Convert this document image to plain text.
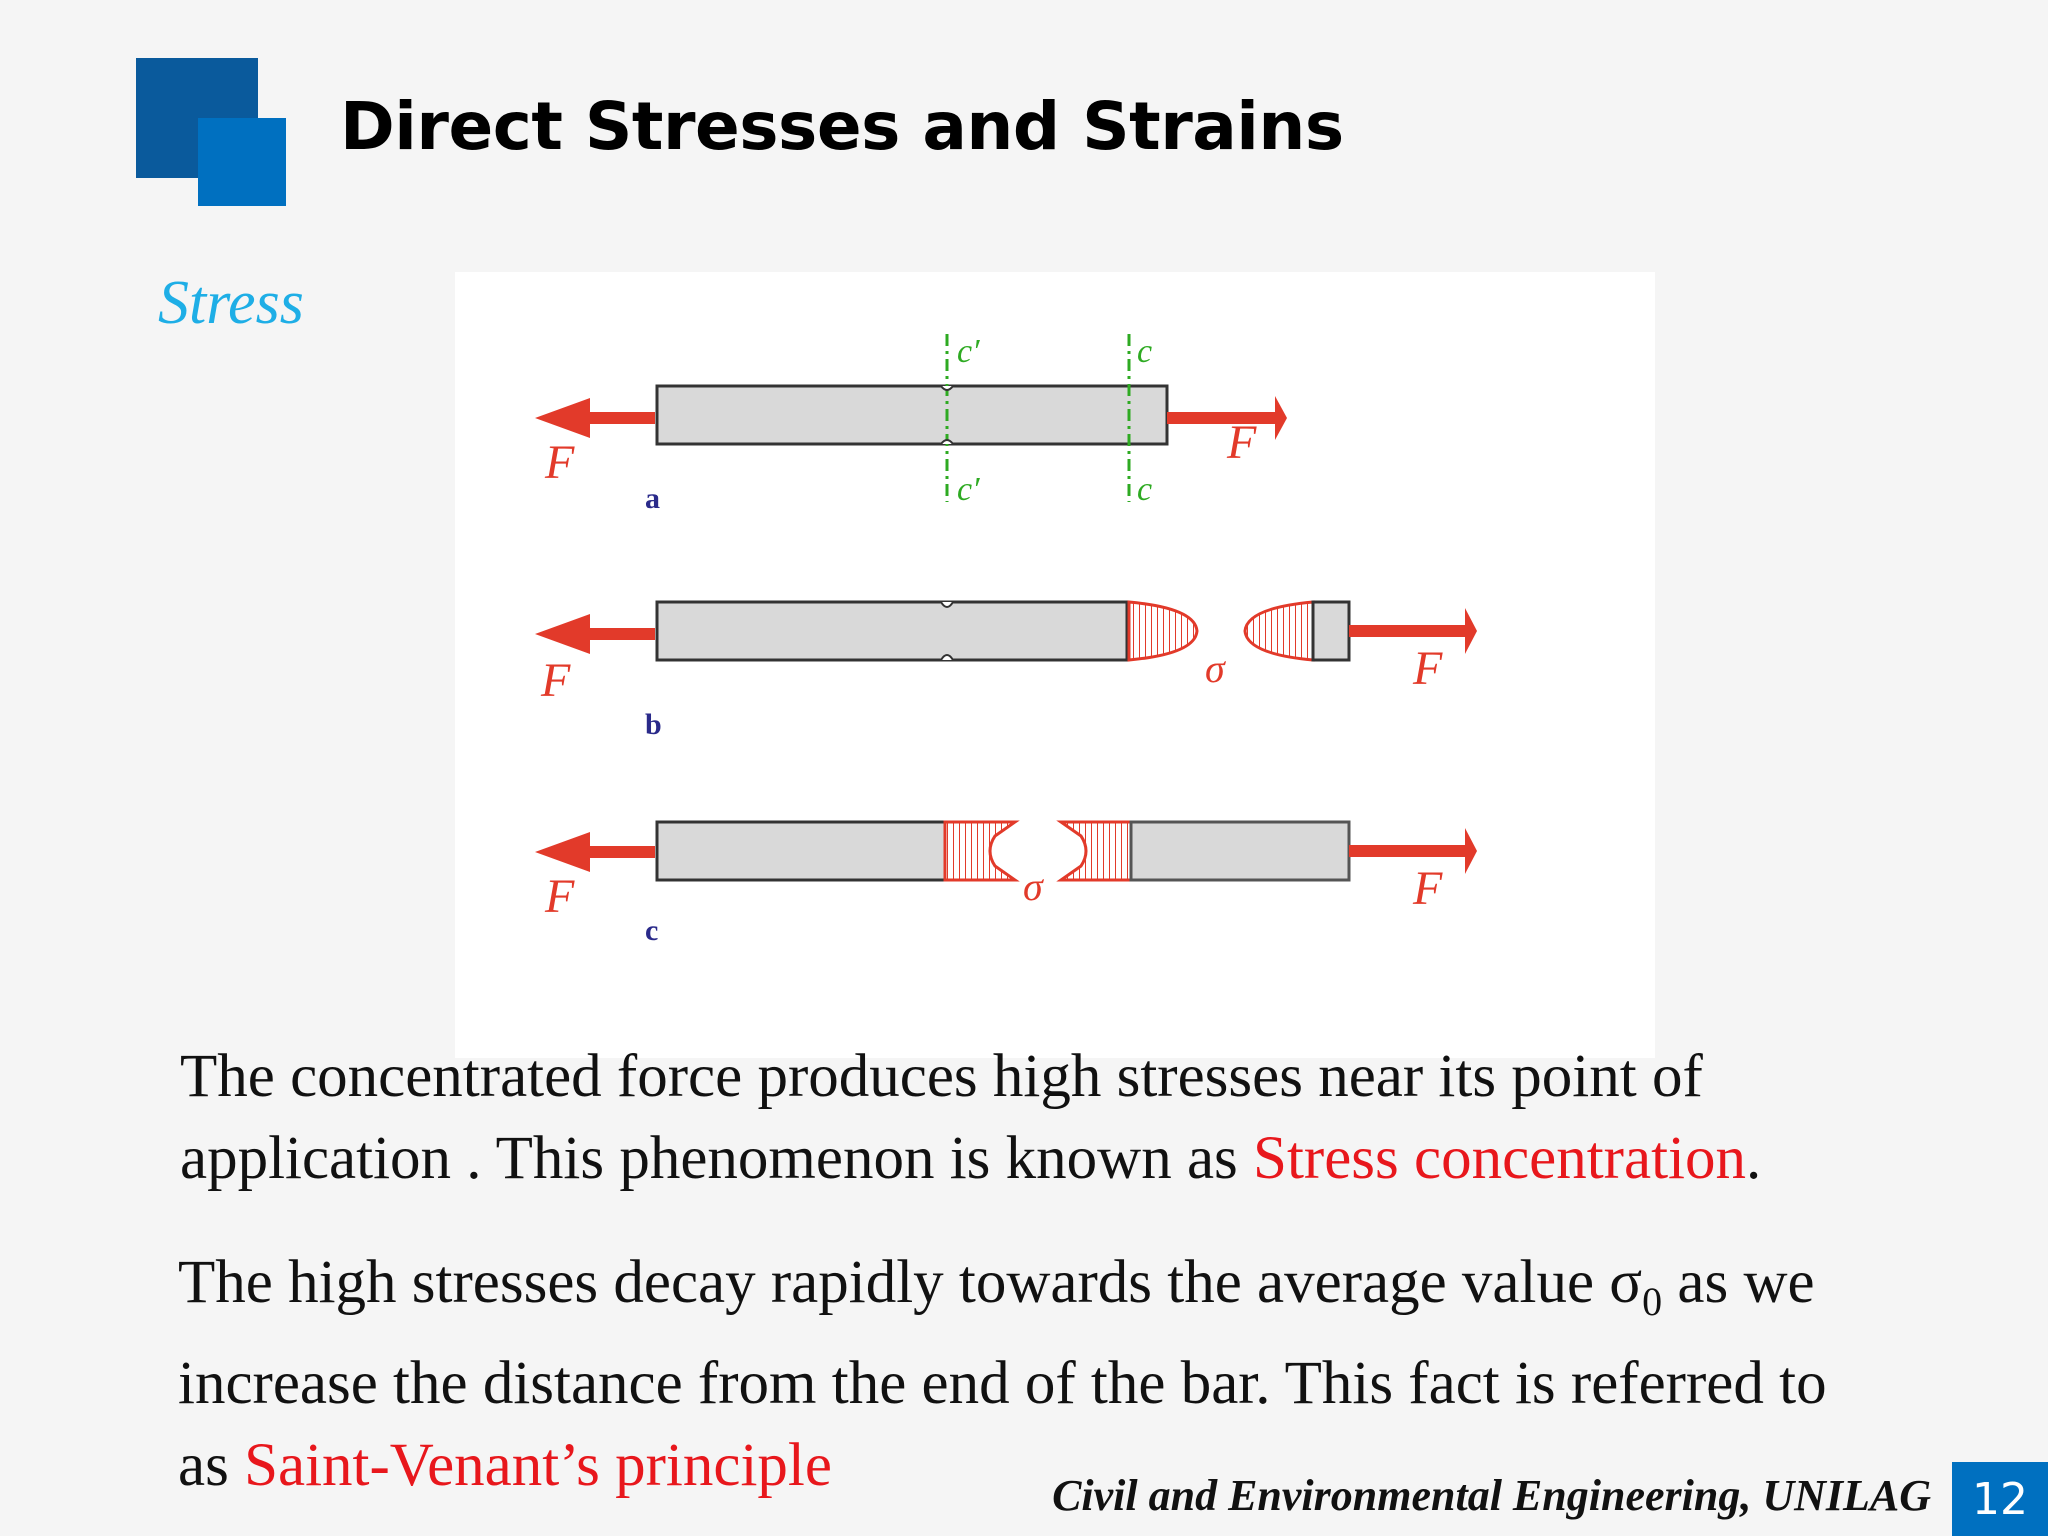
Direct Stresses and Strains
Stress
c′	c
c′	c
F	F
a
σ
F	F
b
σ
F	F
c
The concentrated force produces high stresses near its point of
application . This phenomenon is known as Stress concentration.
The high stresses decay rapidly towards the average value $\sigma_0$ as we
increase the distance from the end of the bar. This fact is referred to
as Saint-Venant’s principle	Civil and Environmental Engineering, UNILAG 12
